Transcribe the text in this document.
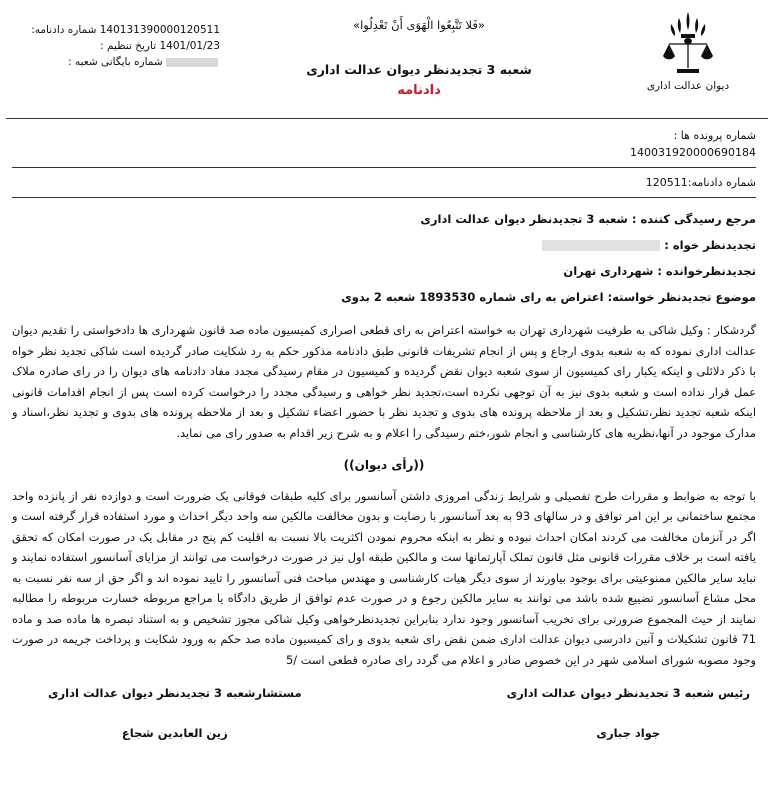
دیوان عدالت اداری
«فَلا تَتَّبِعُوا الْهَوَى أَنْ تَعْدِلُوا»
شعبه 3 تجدیدنظر دیوان عدالت اداری
دادنامه
140131390000120511 شماره دادنامه:
1401/01/23 تاریخ تنظیم :
شماره بایگانی شعبه :
شماره پرونده ها :
140031920000690184
شماره دادنامه:120511
مرجع رسیدگی کننده : شعبه 3 تجدیدنظر دیوان عدالت اداری
تجدیدنظر خواه :
تجدیدنظرخوانده : شهرداری تهران
موضوع تجدیدنظر خواسته: اعتراض به رای شماره 1893530 شعبه 2 بدوی

گردشکار : وکیل شاکی به طرفیت شهرداری تهران به خواسته اعتراض به رای قطعی اصراری کمیسیون ماده صد قانون شهرداری ها دادخواستی را تقدیم دیوان عدالت اداری نموده که به شعبه بدوی ارجاع و پس از انجام تشریفات قانونی طبق دادنامه مذکور حکم به رد شکایت صادر گردیده است شاکی تجدید نظر خواه با ذکر دلائلی و اینکه یکبار رای کمیسیون از سوی شعبه دیوان نقض گردیده و کمیسیون در مقام رسیدگی مجدد مفاد دادنامه های دیوان را در رای صادره ملاک عمل قرار نداده است و شعبه بدوی نیز به آن توجهی نکرده است،تجدید نظر خواهی و رسیدگی مجدد را درخواست کرده است پس از انجام اقدامات قانونی اینکه شعبه تجدید نظر،تشکیل و بعد از ملاحظه پرونده های بدوی و تجدید نظر با حضور اعضاء تشکیل و بعد از ملاحظه پرونده های بدوی و تجدید نظر،اسناد و مدارک موجود در آنها،نظریه های کارشناسی و انجام شور،ختم رسیدگی را اعلام و به شرح زیر اقدام به صدور رای می نماید.

((رأی دیوان))

با توجه به ضوابط و مقررات طرح تفصیلی و شرایط زندگی امروزی داشتن آسانسور برای کلیه طبقات فوقانی یک ضرورت است و دوازده نفر از پانزده واحد مجتمع ساختمانی بر این امر توافق و در سالهای 93 به بعد آسانسور با رضایت و بدون مخالفت مالکین سه واحد دیگر احداث و مورد استفاده قرار گرفته است و اگر در آنزمان مخالفت می کردند امکان احداث نبوده و نظر به اینکه محروم نمودن اکثریت بالا نسبت به اقلیت کم پنج در مقابل یک در صورت امکان که تحقق یافته است بر خلاف مقررات قانونی مثل قانون تملک آپارتمانها ست و مالکین طبقه اول نیز در صورت درخواست می توانند از مزایای آسانسور استفاده نمایند و نباید سایر مالکین ممنوعیتی برای بوجود بیاورند از سوی دیگر هیات کارشناسی و مهندس مباحث فنی آسانسور را تایید نموده اند و اگر حق از سه نفر نسبت به محل مشاع آسانسور تضییع شده باشد می توانند به سایر مالکین رجوع و در صورت عدم توافق از طریق دادگاه یا مراجع مربوطه خسارت مربوطه را مطالبه نمایند از حیث المجموع ضرورتی برای تخریب آسانسور وجود ندارد بنابراین تجدیدنظرخواهی وکیل شاکی مجوز تشخیص و به استناد تبصره ها ماده صد و ماده 71 قانون تشکیلات و آنین دادرسی دیوان عدالت اداری ضمن نقض رای شعبه بدوی و رای کمیسیون ماده صد حکم به ورود شکایت و پرداخت جریمه در صورت وجود مصوبه شورای اسلامی شهر در این خصوص صادر و اعلام می گردد رای صادره قطعی است /5

رئیس شعبه 3 تجدیدنظر دیوان عدالت اداری
جواد جباری
مستشارشعبه 3 تجدیدنظر دیوان عدالت اداری
زین العابدین شجاع
